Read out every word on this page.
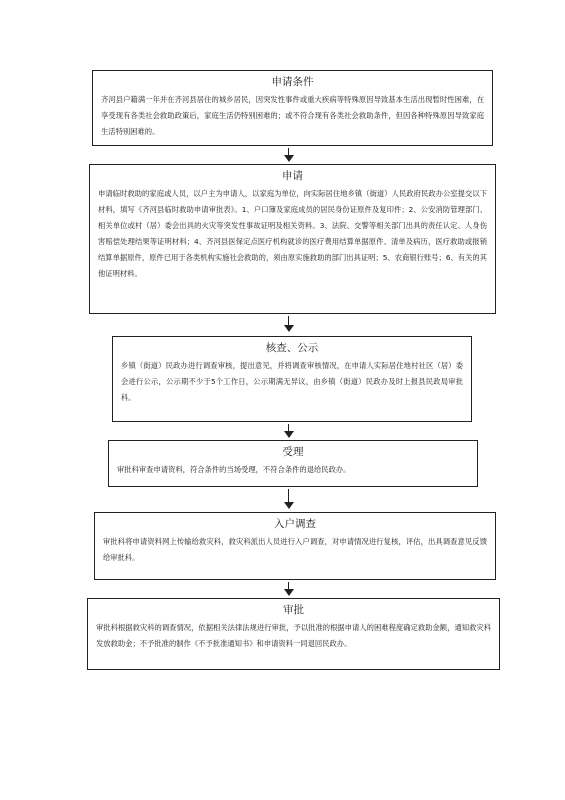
申请条件
齐河县户籍满一年并在齐河县居住的城乡居民，因突发性事件或重大疾病等特殊原因导致基本生活出现暂时性困难，在享受现有各类社会救助政策后，家庭生活仍特别困难的；或不符合现有各类社会救助条件，但因各种特殊原因导致家庭生活特别困难的。
申请
申请临时救助的家庭或人员，以户主为申请人，以家庭为单位，向实际居住地乡镇（街道）人民政府民政办公室提交以下材料，填写《齐河县临时救助申请审批表》。1、户口簿及家庭成员的居民身份证原件及复印件；2、公安消防管理部门、相关单位或村（居）委会出具的火灾等突发性事故证明及相关资料。3、法院、交警等相关部门出具的责任认定、人身伤害赔偿处理结果等证明材料；4、齐河县医保定点医疗机构就诊的医疗费用结算单据原件、清单及病历，医疗救助或报销结算单据原件，原件已用于各类机构实施社会救助的，须由原实施救助的部门出具证明；5、农商银行账号；6、有关的其他证明材料。
核查、公示
乡镇（街道）民政办进行调查审核，提出意见，并将调查审核情况，在申请人实际居住地村社区（居）委会进行公示，公示期不少于5个工作日，公示期满无异议，由乡镇（街道）民政办及时上报县民政局审批科。
受理
审批科审查申请资料，符合条件的当场受理，不符合条件的退给民政办。
入户调查
审批科将申请资料网上传输给救灾科，救灾科派出人员进行入户调查，对申请情况进行复核，评估，出具调查意见反馈给审批科。
审批
审批科根据救灾科的调查情况，依据相关法律法规进行审批，予以批准的根据申请人的困难程度确定救助金额，通知救灾科发放救助金；不予批准的制作《不予批准通知书》和申请资料一同退回民政办。
